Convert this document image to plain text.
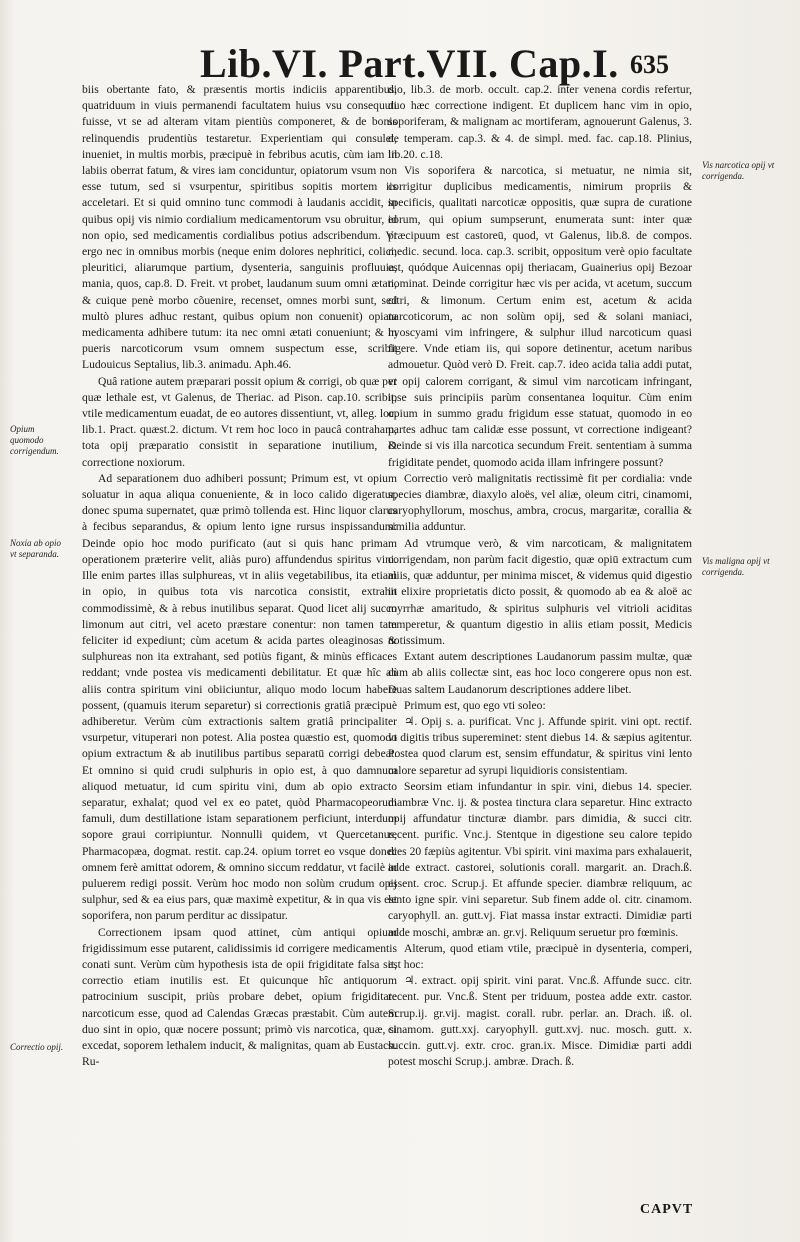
Lib.VI. Part.VII. Cap.I. 635

biis obertante fato, & præsentis mortis indiciis apparentibus, quatriduum in viuis permanendi facultatem huius vsu consequuti fuisse, vt se ad alteram vitam pientiùs componeret, & de bonis relinquendis prudentiùs testaretur. Experientiam qui consulet, inueniet, in multis morbis, præcipuè in febribus acutis, cùm iam in labiis oberrat fatum, & vires iam conciduntur, opiatorum vsum non esse tutum, sed si vsurpentur, spiritibus sopitis mortem iis acceletari. Et si quid omnino tunc commodi à laudanis accidit, in quibus opij vis nimio cordialium medicamentorum vsu obruitur, id non opio, sed medicamentis cordialibus potius adscribendum. Vt ergo nec in omnibus morbis (neque enim dolores nephritici, colici, pleuritici, aliarumque partium, dysenteria, sanguinis profluuia, mania, quos, cap.8. D. Freit. vt probet, laudanum suum omni ætati, & cuique penè morbo cõuenire, recenset, omnes morbi sunt, sed multò plures adhuc restant, quibus opium non conuenit) opiata medicamenta adhibere tutum: ita nec omni ætati conueniunt; & in pueris narcoticorum vsum omnem suspectum esse, scribit Ludouicus Septalius, lib.3. animadu. Aph.46.

Quâ ratione autem præparari possit opium & corrigi, ob quæ per quæ lethale est, vt Galenus, de Theriac. ad Pison. cap.10. scribit, vtile medicamentum euadat, de eo autores dissentiunt, vt, alleg. loc. lib.1. Pract. quæst.2. dictum. Vt rem hoc loco in paucâ contraham, tota opij præparatio consistit in separatione inutilium, & correctione noxiorum.

Ad separationem duo adhiberi possunt; Primum est, vt opium soluatur in aqua aliqua conueniente, & in loco calido digeratur, donec spuma supernatet, quæ primò tollenda est. Hinc liquor clarus à fecibus separandus, & opium lento igne rursus inspissandum: Deinde opio hoc modo purificato (aut si quis hanc primam operationem præterire velit, aliàs puro) affundendus spiritus vini. Ille enim partes illas sulphureas, vt in aliis vegetabilibus, ita etiam in opio, in quibus tota vis narcotica consistit, extrahit commodissimè, & à rebus inutilibus separat. Quod licet alij succo limonum aut citri, vel aceto præstare conentur: non tamen tam feliciter id expediunt; cùm acetum & acida partes oleaginosas & sulphureas non ita extrahant, sed potiùs figant, & minùs efficaces reddant; vnde postea vis medicamenti debilitatur. Et quæ hîc ab aliis contra spiritum vini obiiciuntur, aliquo modo locum habere possent, (quamuis iterum separetur) si correctionis gratiâ præcipuè adhiberetur. Verùm cùm extractionis saltem gratiâ principaliter vsurpetur, vituperari non potest. Alia postea quæstio est, quomodo opium extractum & ab inutilibus partibus separatū corrigi debeat. Et omnino si quid crudi sulphuris in opio est, à quo damnum aliquod metuatur, id cum spiritu vini, dum ab opio extracto separatur, exhalat; quod vel ex eo patet, quòd Pharmacopeorum famuli, dum destillatione istam separationem perficiunt, interdum sopore graui corripiuntur. Nonnulli quidem, vt Quercetanus, Pharmacopæa, dogmat. restit. cap.24. opium torret eo vsque donec omnem ferè amittat odorem, & omnino siccum reddatur, vt facilè in puluerem redigi possit. Verùm hoc modo non solùm crudum opij sulphur, sed & ea eius pars, quæ maximè expetitur, & in qua vis est soporifera, non parum perditur ac dissipatur.

Correctionem ipsam quod attinet, cùm antiqui opium frigidissimum esse putarent, calidissimis id corrigere medicamentis conati sunt. Verùm cùm hypothesis ista de opii frigiditate falsa sit, correctio etiam inutilis est. Et quicunque hîc antiquorum patrocinium suscipit, priùs probare debet, opium frigiditate narcoticum esse, quod ad Calendas Græcas præstabit. Cùm autem duo sint in opio, quæ nocere possunt; primò vis narcotica, quæ, si excedat, soporem lethalem inducit, & malignitas, quam ab Eustach. Ru-

dio, lib.3. de morb. occult. cap.2. inter venena cordis refertur, duo hæc correctione indigent. Et duplicem hanc vim in opio, soporiferam, & malignam ac mortiferam, agnouerunt Galenus, 3. de temperam. cap.3. & 4. de simpl. med. fac. cap.18. Plinius, lib.20. c.18.

Vis soporifera & narcotica, si metuatur, ne nimia sit, corrigitur duplicibus medicamentis, nimirum propriis & specificis, qualitati narcoticæ oppositis, quæ supra de curatione eorum, qui opium sumpserunt, enumerata sunt: inter quæ præcipuum est castoreū, quod, vt Galenus, lib.8. de compos. medic. secund. loca. cap.3. scribit, oppositum verè opio facultate est, quódque Auicennas opij theriacam, Guainerius opij Bezoar nominat. Deinde corrigitur hæc vis per acida, vt acetum, succum citri, & limonum. Certum enim est, acetum & acida narcoticorum, ac non solùm opij, sed & solani maniaci, hyoscyami vim infringere, & sulphur illud narcoticum quasi figere. Vnde etiam iis, qui sopore detinentur, acetum naribus admouetur. Quòd verò D. Freit. cap.7. ideo acida talia addi putat, vt opij calorem corrigant, & simul vim narcoticam infringant, ipse suis principiis parùm consentanea loquitur. Cùm enim opium in summo gradu frigidum esse statuat, quomodo in eo partes adhuc tam calidæ esse possunt, vt correctione indigeant? Deinde si vis illa narcotica secundum Freit. sententiam à summa frigiditate pendet, quomodo acida illam infringere possunt?

Correctio verò malignitatis rectissimè fit per cordialia: vnde species diambræ, diaxylo aloës, vel aliæ, oleum citri, cinamomi, caryophyllorum, moschus, ambra, crocus, margaritæ, corallia & similia adduntur.

Ad vtrumque verò, & vim narcoticam, & malignitatem corrigendam, non parùm facit digestio, quæ opiū extractum cum aliis, quæ adduntur, per minima miscet, & videmus quid digestio in elixire proprietatis dicto possit, & quomodo ab ea & aloë ac myrrhæ amaritudo, & spiritus sulphuris vel vitrioli aciditas temperetur, & quantum digestio in aliis etiam possit, Medicis notissimum.

Extant autem descriptiones Laudanorum passim multæ, quæ cùm ab aliis collectæ sint, eas hoc loco congerere opus non est. Duas saltem Laudanorum descriptiones addere libet.

Primum est, quo ego vti soleo:

♃. Opij s. a. purificat. Vnc j. Affunde spirit. vini opt. rectif. vt digitis tribus supereminet: stent diebus 14. & sæpius agitentur. Postea quod clarum est, sensim effundatur, & spiritus vini lento calore separetur ad syrupi liquidioris consistentiam.

Seorsim etiam infundantur in spir. vini, diebus 14. specier. diambræ Vnc. ij. & postea tinctura clara separetur. Hinc extracto opij affundatur tincturæ diambr. pars dimidia, & succi citr. recent. purific. Vnc.j. Stentque in digestione seu calore tepido dies 20 fæpiùs agitentur. Vbi spirit. vini maxima pars exhalauerit, adde extract. castorei, solutionis corall. margarit. an. Drach.ß. essent. croc. Scrup.j. Et affunde specier. diambræ reliquum, ac lento igne spir. vini separetur. Sub finem adde ol. citr. cinamom. caryophyll. an. gutt.vj. Fiat massa instar extracti. Dimidiæ parti adde moschi, ambræ an. gr.vj. Reliquum seruetur pro fœminis.

Alterum, quod etiam vtile, præcipuè in dysenteria, comperi, est hoc:

♃. extract. opij spirit. vini parat. Vnc.ß. Affunde succ. citr. recent. pur. Vnc.ß. Stent per triduum, postea adde extr. castor. Scrup.ij. gr.vij. magist. corall. rubr. perlar. an. Drach. iß. ol. cinamom. gutt.xxj. caryophyll. gutt.xvj. nuc. mosch. gutt. x. succin. gutt.vj. extr. croc. gran.ix. Misce. Dimidiæ parti addi potest moschi Scrup.j. ambræ. Drach. ß.

Opium quomodo corrigendum.
Noxia ab opio vt separanda.
Correctio opij.
Vis narcotica opij vt corrigenda.
Vis maligna opij vt corrigenda.
CAPVT
